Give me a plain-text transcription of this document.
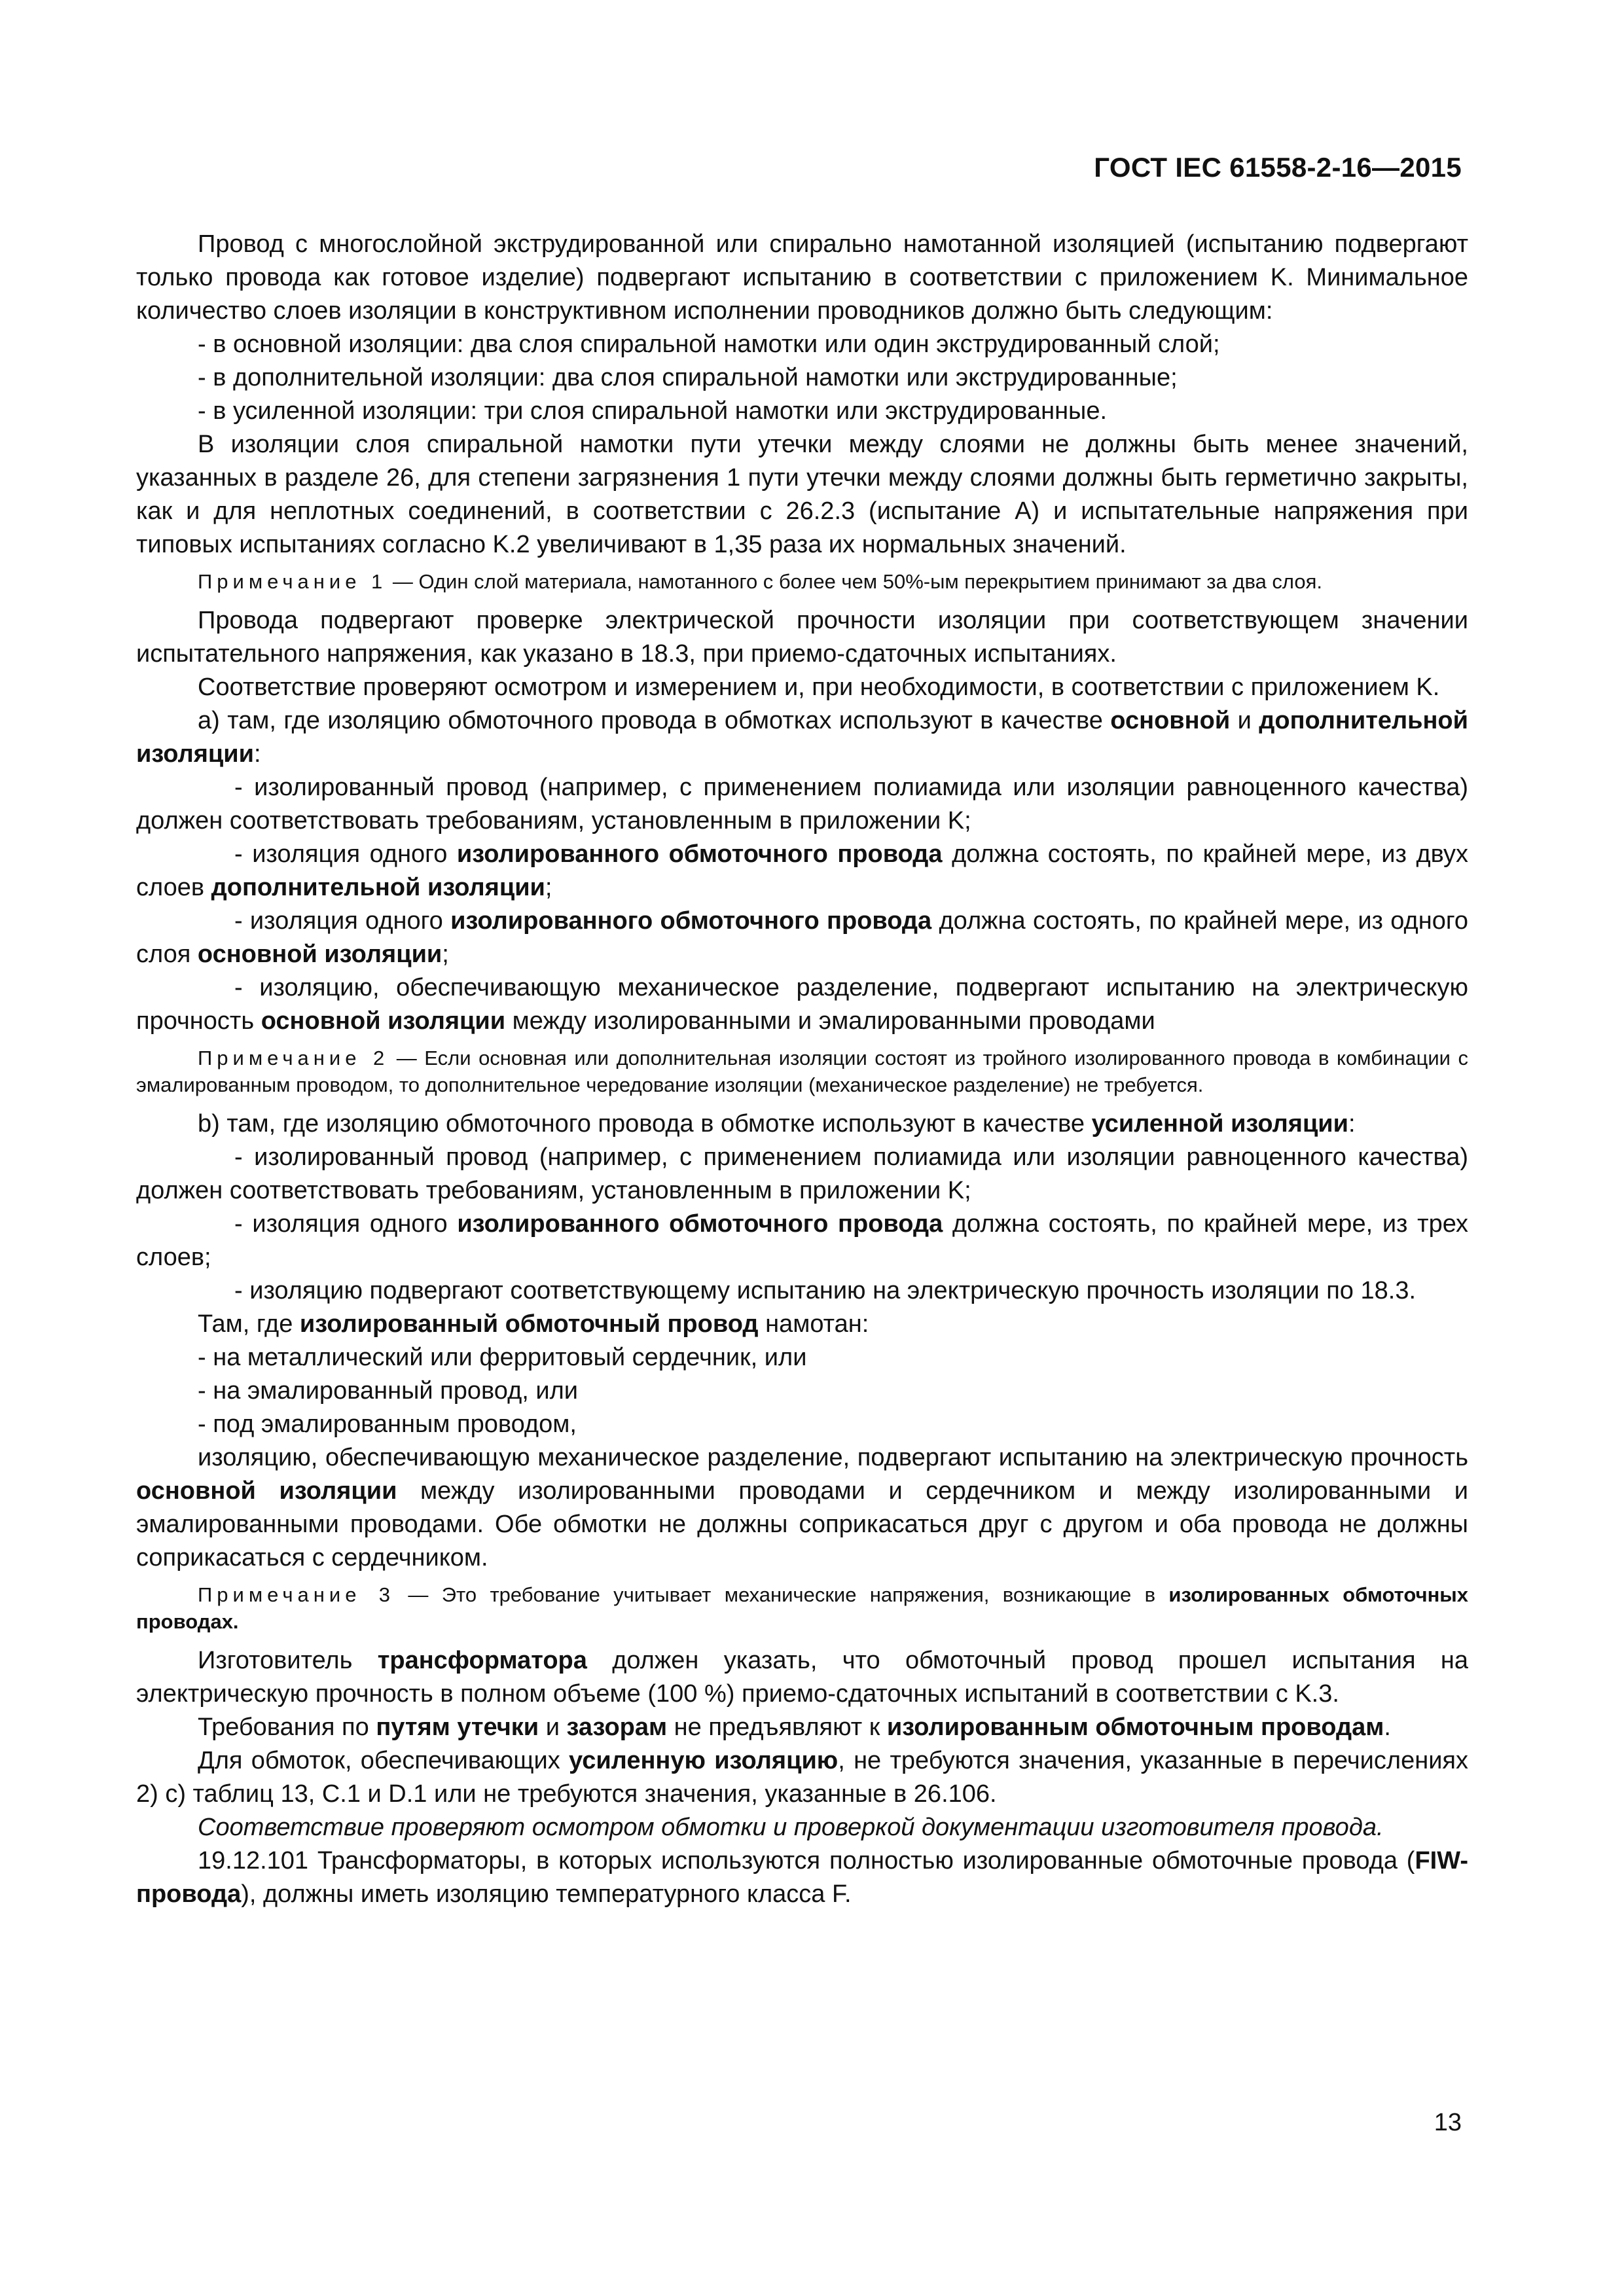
ГОСТ IEC 61558-2-16—2015

Провод с многослойной экструдированной или спирально намотанной изоляцией (испытанию подвергают только провода как готовое изделие) подвергают испытанию в соответствии с приложением K. Минимальное количество слоев изоляции в конструктивном исполнении проводников должно быть следующим:

- в основной изоляции: два слоя спиральной намотки или один экструдированный слой;

- в дополнительной изоляции: два слоя спиральной намотки или экструдированные;

- в усиленной изоляции: три слоя спиральной намотки или экструдированные.

В изоляции слоя спиральной намотки пути утечки между слоями не должны быть менее значений, указанных в разделе 26, для степени загрязнения 1 пути утечки между слоями должны быть герметично закрыты, как и для неплотных соединений, в соответствии с 26.2.3 (испытание А) и испытательные напряжения при типовых испытаниях согласно K.2 увеличивают в 1,35 раза их нормальных значений.

Примечание 1 — Один слой материала, намотанного с более чем 50%-ым перекрытием принимают за два слоя.

Провода подвергают проверке электрической прочности изоляции при соответствующем значении испытательного напряжения, как указано в 18.3, при приемо-сдаточных испытаниях.

Соответствие проверяют осмотром и измерением и, при необходимости, в соответствии с приложением K.

а) там, где изоляцию обмоточного провода в обмотках используют в качестве основной и дополнительной изоляции:

- изолированный провод (например, с применением полиамида или изоляции равноценного качества) должен соответствовать требованиям, установленным в приложении K;

- изоляция одного изолированного обмоточного провода должна состоять, по крайней мере, из двух слоев дополнительной изоляции;

- изоляция одного изолированного обмоточного провода должна состоять, по крайней мере, из одного слоя основной изоляции;

- изоляцию, обеспечивающую механическое разделение, подвергают испытанию на электрическую прочность основной изоляции между изолированными и эмалированными проводами

Примечание 2 — Если основная или дополнительная изоляции состоят из тройного изолированного провода в комбинации с эмалированным проводом, то дополнительное чередование изоляции (механическое разделение) не требуется.

b) там, где изоляцию обмоточного провода в обмотке используют в качестве усиленной изоляции:

- изолированный провод (например, с применением полиамида или изоляции равноценного качества) должен соответствовать требованиям, установленным в приложении K;

- изоляция одного изолированного обмоточного провода должна состоять, по крайней мере, из трех слоев;

- изоляцию подвергают соответствующему испытанию на электрическую прочность изоляции по 18.3.

Там, где изолированный обмоточный провод намотан:

- на металлический или ферритовый сердечник, или

- на эмалированный провод, или

- под эмалированным проводом,

изоляцию, обеспечивающую механическое разделение, подвергают испытанию на электрическую прочность основной изоляции между изолированными проводами и сердечником и между изолированными и эмалированными проводами. Обе обмотки не должны соприкасаться друг с другом и оба провода не должны соприкасаться с сердечником.

Примечание 3 — Это требование учитывает механические напряжения, возникающие в изолированных обмоточных проводах.

Изготовитель трансформатора должен указать, что обмоточный провод прошел испытания на электрическую прочность в полном объеме (100 %) приемо-сдаточных испытаний в соответствии с K.3.

Требования по путям утечки и зазорам не предъявляют к изолированным обмоточным проводам.

Для обмоток, обеспечивающих усиленную изоляцию, не требуются значения, указанные в перечислениях 2) с) таблиц 13, C.1 и D.1 или не требуются значения, указанные в 26.106.

Соответствие проверяют осмотром обмотки и проверкой документации изготовителя провода.

19.12.101 Трансформаторы, в которых используются полностью изолированные обмоточные провода (FIW-провода), должны иметь изоляцию температурного класса F.

13
